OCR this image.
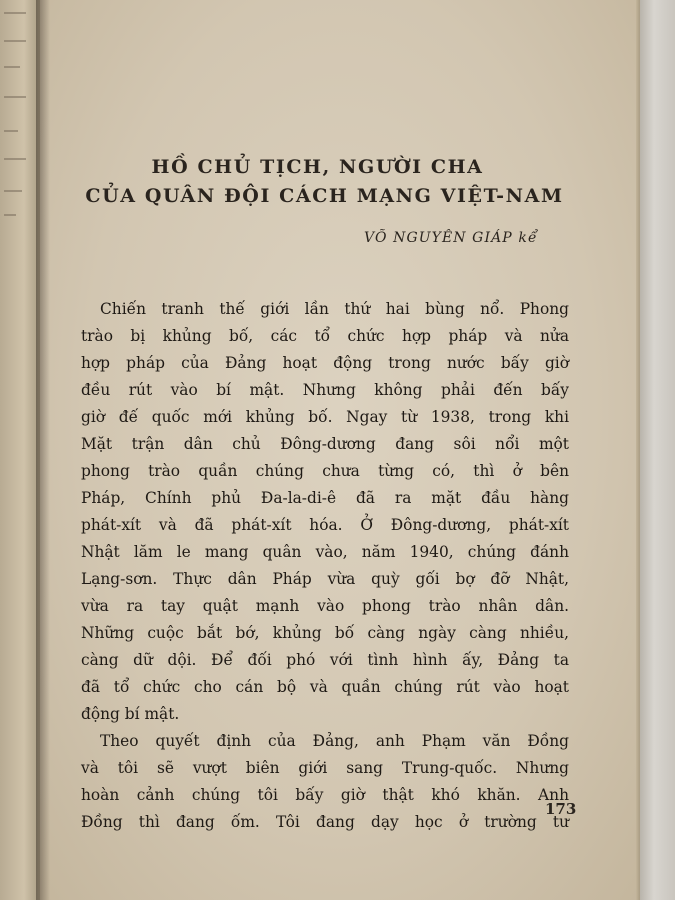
HỒ CHỦ TỊCH, NGƯỜI CHA
CỦA QUÂN ĐỘI CÁCH MẠNG VIỆT-NAM
VÕ NGUYÊN GIÁP kể
Chiến tranh thế giới lần thứ hai bùng nổ. Phong
trào bị khủng bố, các tổ chức hợp pháp và nửa
hợp pháp của Đảng hoạt động trong nước bấy giờ
đều rút vào bí mật. Nhưng không phải đến bấy
giờ đế quốc mới khủng bố. Ngay từ 1938, trong khi
Mặt trận dân chủ Đông-dương đang sôi nổi một
phong trào quần chúng chưa từng có, thì ở bên
Pháp, Chính phủ Đa-la-di-ê đã ra mặt đầu hàng
phát-xít và đã phát-xít hóa. Ở Đông-dương, phát-xít
Nhật lăm le mang quân vào, năm 1940, chúng đánh
Lạng-sơn. Thực dân Pháp vừa quỳ gối bợ đỡ Nhật,
vừa ra tay quật mạnh vào phong trào nhân dân.
Những cuộc bắt bớ, khủng bố càng ngày càng nhiều,
càng dữ dội. Để đối phó với tình hình ấy, Đảng ta
đã tổ chức cho cán bộ và quần chúng rút vào hoạt
động bí mật.
Theo quyết định của Đảng, anh Phạm văn Đồng
và tôi sẽ vượt biên giới sang Trung-quốc. Nhưng
hoàn cảnh chúng tôi bấy giờ thật khó khăn. Anh
Đồng thì đang ốm. Tôi đang dạy học ở trường tư
173
